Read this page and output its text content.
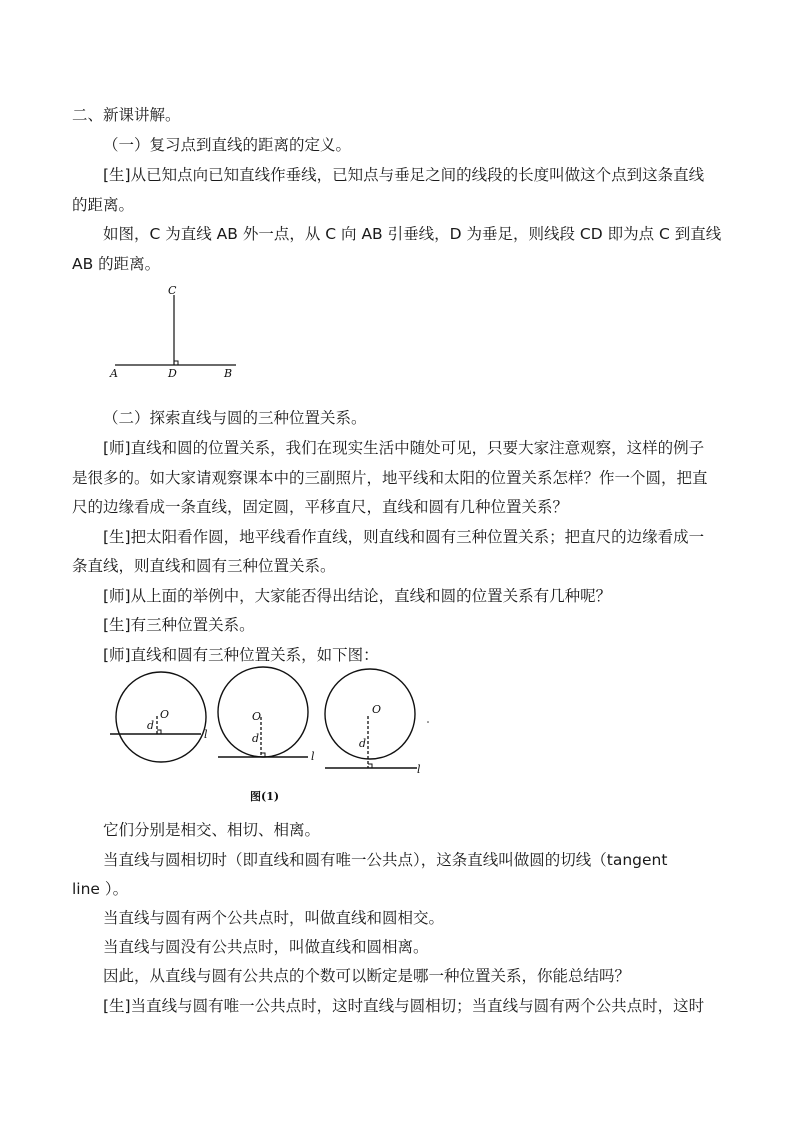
二、新课讲解。
（一）复习点到直线的距离的定义。
[生]从已知点向已知直线作垂线，已知点与垂足之间的线段的长度叫做这个点到这条直线
的距离。
如图，C 为直线 AB 外一点，从 C 向 AB 引垂线，D 为垂足，则线段 CD 即为点 C 到直线
AB 的距离。
C
A	D	B
（二）探索直线与圆的三种位置关系。
[师]直线和圆的位置关系，我们在现实生活中随处可见，只要大家注意观察，这样的例子
是很多的。如大家请观察课本中的三副照片，地平线和太阳的位置关系怎样？作一个圆，把直
尺的边缘看成一条直线，固定圆，平移直尺，直线和圆有几种位置关系？
[生]把太阳看作圆，地平线看作直线，则直线和圆有三种位置关系；把直尺的边缘看成一
条直线，则直线和圆有三种位置关系。
[师]从上面的举例中，大家能否得出结论，直线和圆的位置关系有几种呢？
[生]有三种位置关系。
[师]直线和圆有三种位置关系，如下图：
O
d
l
O
d
l
O
d
l
图(1)
它们分别是相交、相切、相离。
当直线与圆相切时（即直线和圆有唯一公共点），这条直线叫做圆的切线（tangent
line ）。
当直线与圆有两个公共点时，叫做直线和圆相交。
当直线与圆没有公共点时，叫做直线和圆相离。
因此，从直线与圆有公共点的个数可以断定是哪一种位置关系，你能总结吗？
[生]当直线与圆有唯一公共点时，这时直线与圆相切；当直线与圆有两个公共点时，这时
